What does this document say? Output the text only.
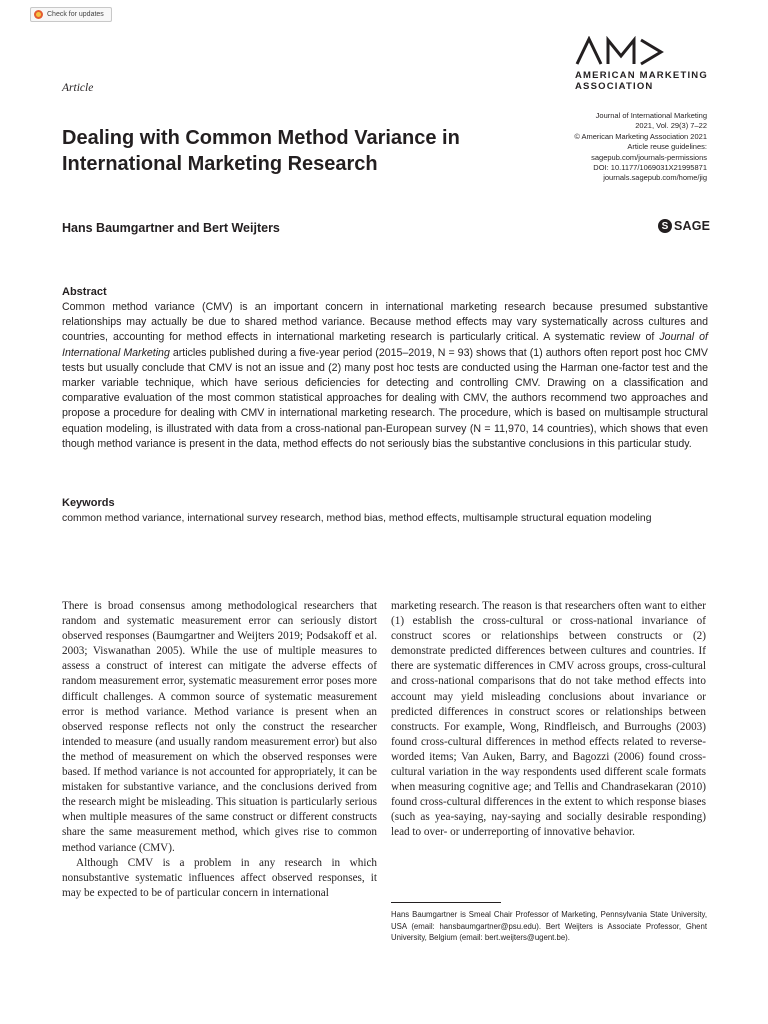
Check for updates
AMERICAN MARKETING
ASSOCIATION
Article
Dealing with Common Method Variance in
International Marketing Research
Journal of International Marketing
2021, Vol. 29(3) 7–22
© American Marketing Association 2021
Article reuse guidelines:
sagepub.com/journals-permissions
DOI: 10.1177/1069031X21995871
journals.sagepub.com/home/jig
S SAGE
Hans Baumgartner and Bert Weijters
Abstract
Common method variance (CMV) is an important concern in international marketing research because presumed substantive relationships may actually be due to shared method variance. Because method effects may vary systematically across cultures and countries, accounting for method effects in international marketing research is particularly critical. A systematic review of Journal of International Marketing articles published during a five-year period (2015–2019, N = 93) shows that (1) authors often report post hoc CMV tests but usually conclude that CMV is not an issue and (2) many post hoc tests are conducted using the Harman one-factor test and the marker variable technique, which have serious deficiencies for detecting and controlling CMV. Drawing on a classification and comparative evaluation of the most common statistical approaches for dealing with CMV, the authors recommend two approaches and propose a procedure for dealing with CMV in international marketing research. The procedure, which is based on multisample structural equation modeling, is illustrated with data from a cross-national pan-European survey (N = 11,970, 14 countries), which shows that even though method variance is present in the data, method effects do not seriously bias the substantive conclusions in this particular study.
Keywords
common method variance, international survey research, method bias, method effects, multisample structural equation modeling

There is broad consensus among methodological researchers that random and systematic measurement error can seriously distort observed responses (Baumgartner and Weijters 2019; Podsakoff et al. 2003; Viswanathan 2005). While the use of multiple measures to assess a construct of interest can mitigate the adverse effects of random measurement error, systematic measurement error poses more difficult challenges. A common source of systematic measurement error is method variance. Method variance is present when an observed response reflects not only the construct the researcher intended to measure (and usually random measurement error) but also the method of measurement on which the observed responses were based. If method variance is not accounted for appropriately, it can be mistaken for substantive variance, and the conclusions derived from the research might be misleading. This situation is particularly serious when multiple measures of the same construct or different constructs share the same measurement method, which gives rise to common method variance (CMV).

Although CMV is a problem in any research in which nonsubstantive systematic influences affect observed responses, it may be expected to be of particular concern in international

marketing research. The reason is that researchers often want to either (1) establish the cross-cultural or cross-national invariance of construct scores or relationships between constructs or (2) demonstrate predicted differences between cultures and countries. If there are systematic differences in CMV across groups, cross-cultural and cross-national comparisons that do not take method effects into account may yield misleading conclusions about invariance or predicted differences in construct scores or relationships between constructs. For example, Wong, Rindfleisch, and Burroughs (2003) found cross-cultural differences in method effects related to reverse-worded items; Van Auken, Barry, and Bagozzi (2006) found cross-cultural variation in the way respondents used different scale formats when measuring cognitive age; and Tellis and Chandrasekaran (2010) found cross-cultural differences in the extent to which response biases (such as yea-saying, nay-saying and socially desirable responding) lead to over- or underreporting of innovative behavior.

Hans Baumgartner is Smeal Chair Professor of Marketing, Pennsylvania State University, USA (email: hansbaumgartner@psu.edu). Bert Weijters is Associate Professor, Ghent University, Belgium (email: bert.weijters@ugent.be).
